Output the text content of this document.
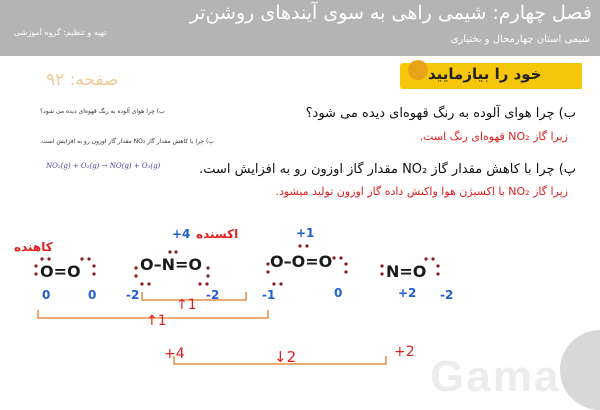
فصل چهارم: شیمی راهی به سوی آیندهای روشن‌تر
شیمی استان چهارمحال و بختیاری
تهیه و تنظیم: گروه آموزشی
صفحه: ۹۲	خود را بیازمایید
ب) چرا هوای آلوده به رنگ قهوه‌ای دیده می شود؟
پ) چرا با کاهش مقدار گاز NO₂ مقدار گاز اوزون رو به افزایش است.
NO₂(g) + O₂(g) → NO(g) + O₃(g)
ب) چرا هوای آلوده به رنگ قهوه‌ای دیده می شود؟
زیرا گاز NO₂ قهوه‌ای رنگ است.
پ) چرا با کاهش مقدار گاز NO₂ مقدار گاز اوزون رو به افزایش است.
زیرا گاز NO₂ با اکسیژن هوا واکنش داده گاز اوزون تولید میشود.
کاهنده
اکسنده
O=O	O–N=O	O–O=O
N=O
0	0
+4
-2	-2
+1
-1	0	+2 -2
↑1
↑1
+4	↓2	+2 Gama
